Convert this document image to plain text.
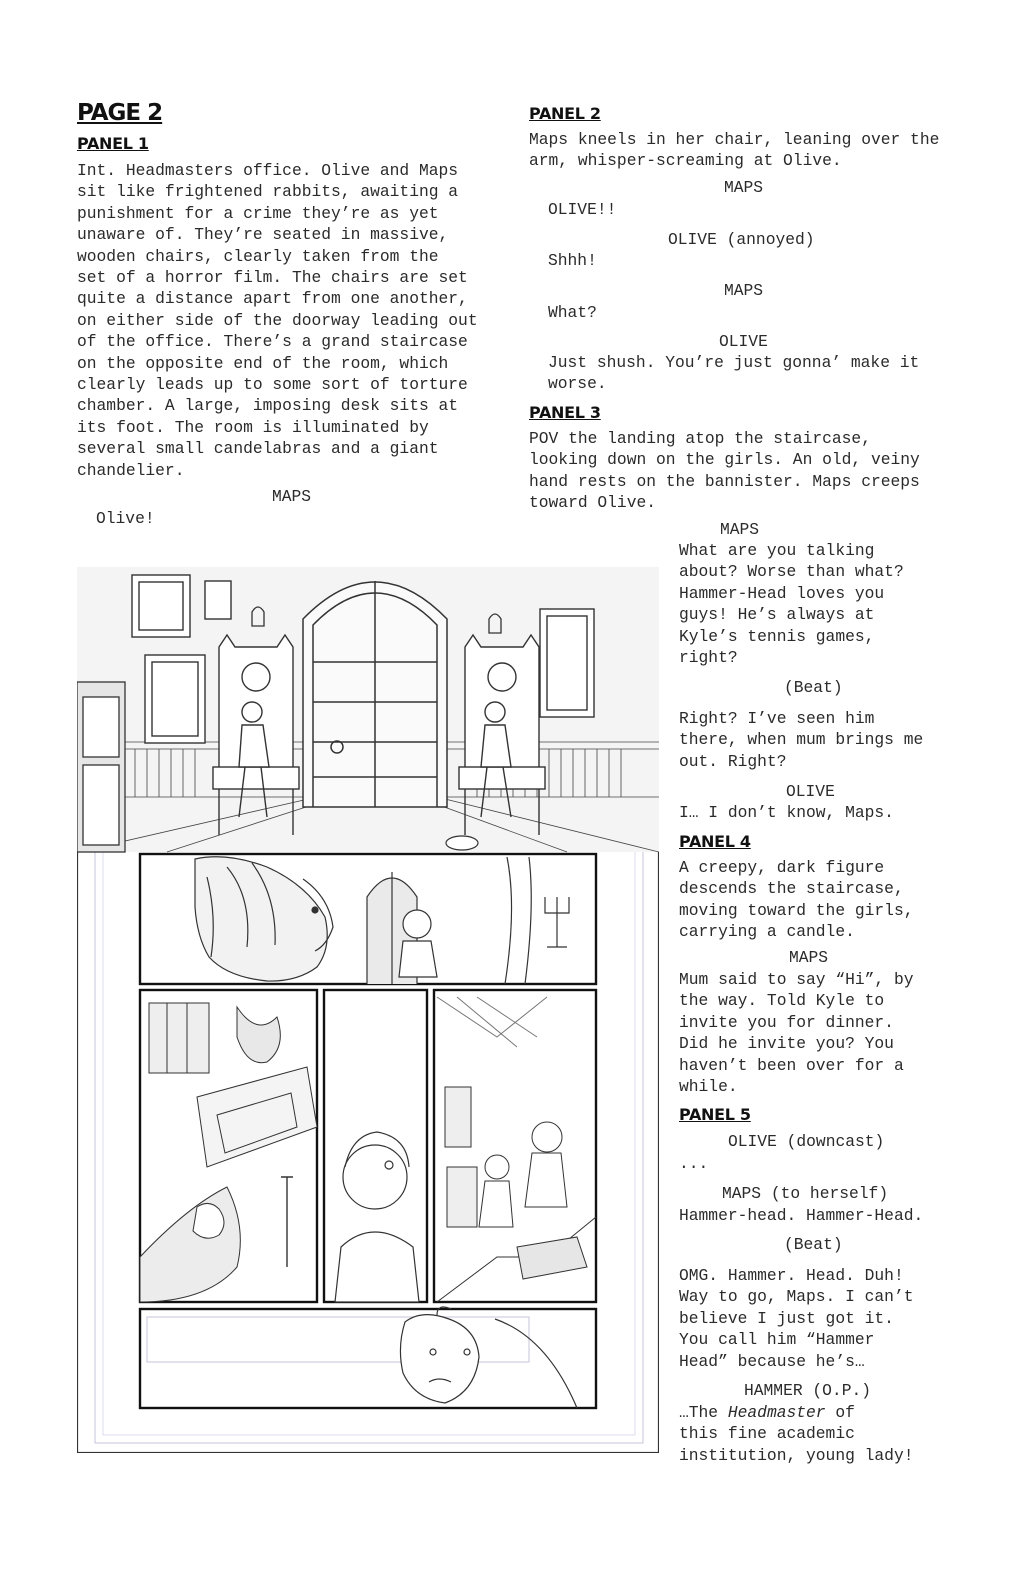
PAGE 2
PANEL 1

Int. Headmasters office. Olive and Maps
sit like frightened rabbits, awaiting a
punishment for a crime they’re as yet
unaware of. They’re seated in massive,
wooden chairs, clearly taken from the
set of a horror film. The chairs are set
quite a distance apart from one another,
on either side of the doorway leading out
of the office. There’s a grand staircase
on the opposite end of the room, which
clearly leads up to some sort of torture
chamber. A large, imposing desk sits at
its foot. The room is illuminated by
several small candelabras and a giant
chandelier.

MAPS
Olive!
PANEL 2

Maps kneels in her chair, leaning over the
arm, whisper-screaming at Olive.

MAPS
OLIVE!!
OLIVE (annoyed)
Shhh!
MAPS
What?
OLIVE
Just shush. You’re just gonna’ make it
worse.
PANEL 3

POV the landing atop the staircase,
looking down on the girls. An old, veiny
hand rests on the bannister. Maps creeps
toward Olive.

MAPS
What are you talking
about? Worse than what?
Hammer-Head loves you
guys! He’s always at
Kyle’s tennis games,
right?
(Beat)
Right? I’ve seen him
there, when mum brings me
out. Right?
OLIVE
I… I don’t know, Maps.
PANEL 4

A creepy, dark figure
descends the staircase,
moving toward the girls,
carrying a candle.

MAPS
Mum said to say “Hi”, by
the way. Told Kyle to
invite you for dinner.
Did he invite you? You
haven’t been over for a
while.
PANEL 5
OLIVE (downcast)
...
MAPS (to herself)
Hammer-head. Hammer-Head.
(Beat)
OMG. Hammer. Head. Duh!
Way to go, Maps. I can’t
believe I just got it.
You call him “Hammer
Head” because he’s…
HAMMER (O.P.)
…The Headmaster of
this fine academic
institution, young lady!
